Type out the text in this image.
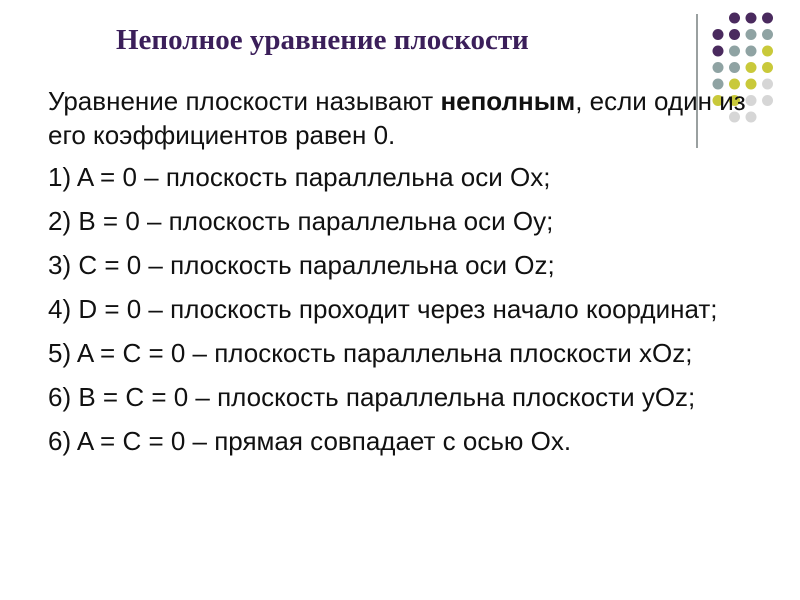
Неполное уравнение плоскости

Уравнение плоскости называют неполным, если один из его коэффициентов равен 0.

1) A = 0 – плоскость параллельна оси Ox;
2) B = 0 – плоскость параллельна оси Oy;
3) C = 0 – плоскость параллельна оси Oz;
4) D = 0 – плоскость проходит через начало координат;
5) A = C = 0 – плоскость параллельна плоскости xOz;
6) B = C = 0 – плоскость параллельна плоскости yOz;
6) A = C = 0 – прямая совпадает с осью Ox.
